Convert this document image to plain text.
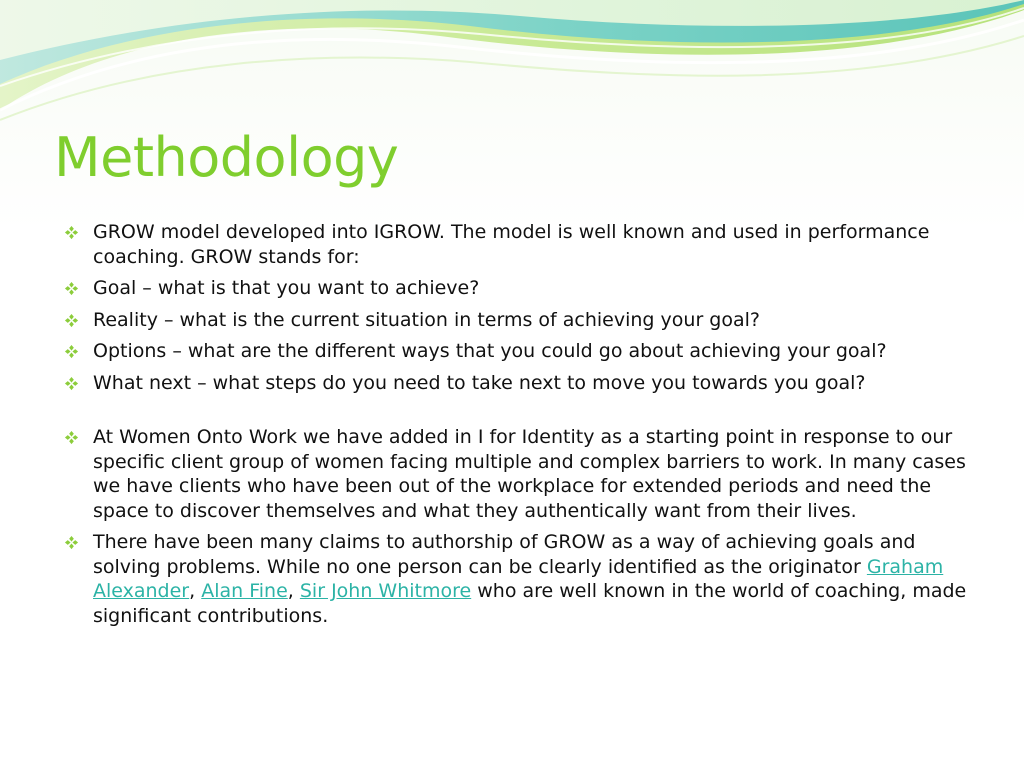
Methodology
GROW model developed into IGROW. The model is well known and used in performance coaching. GROW stands for:
Goal – what is that you want to achieve?
Reality – what is the current situation in terms of achieving your goal?
Options – what are the different ways that you could go about achieving your goal?
What next – what steps do you need to take next to move you towards you goal?
At Women Onto Work we have added in I for Identity as a starting point in response to our specific client group of women facing multiple and complex barriers to work. In many cases we have clients who have been out of the workplace for extended periods and need the space to discover themselves and what they authentically want from their lives.
There have been many claims to authorship of GROW as a way of achieving goals and solving problems. While no one person can be clearly identified as the originator Graham Alexander, Alan Fine, Sir John Whitmore who are well known in the world of coaching, made significant contributions.
